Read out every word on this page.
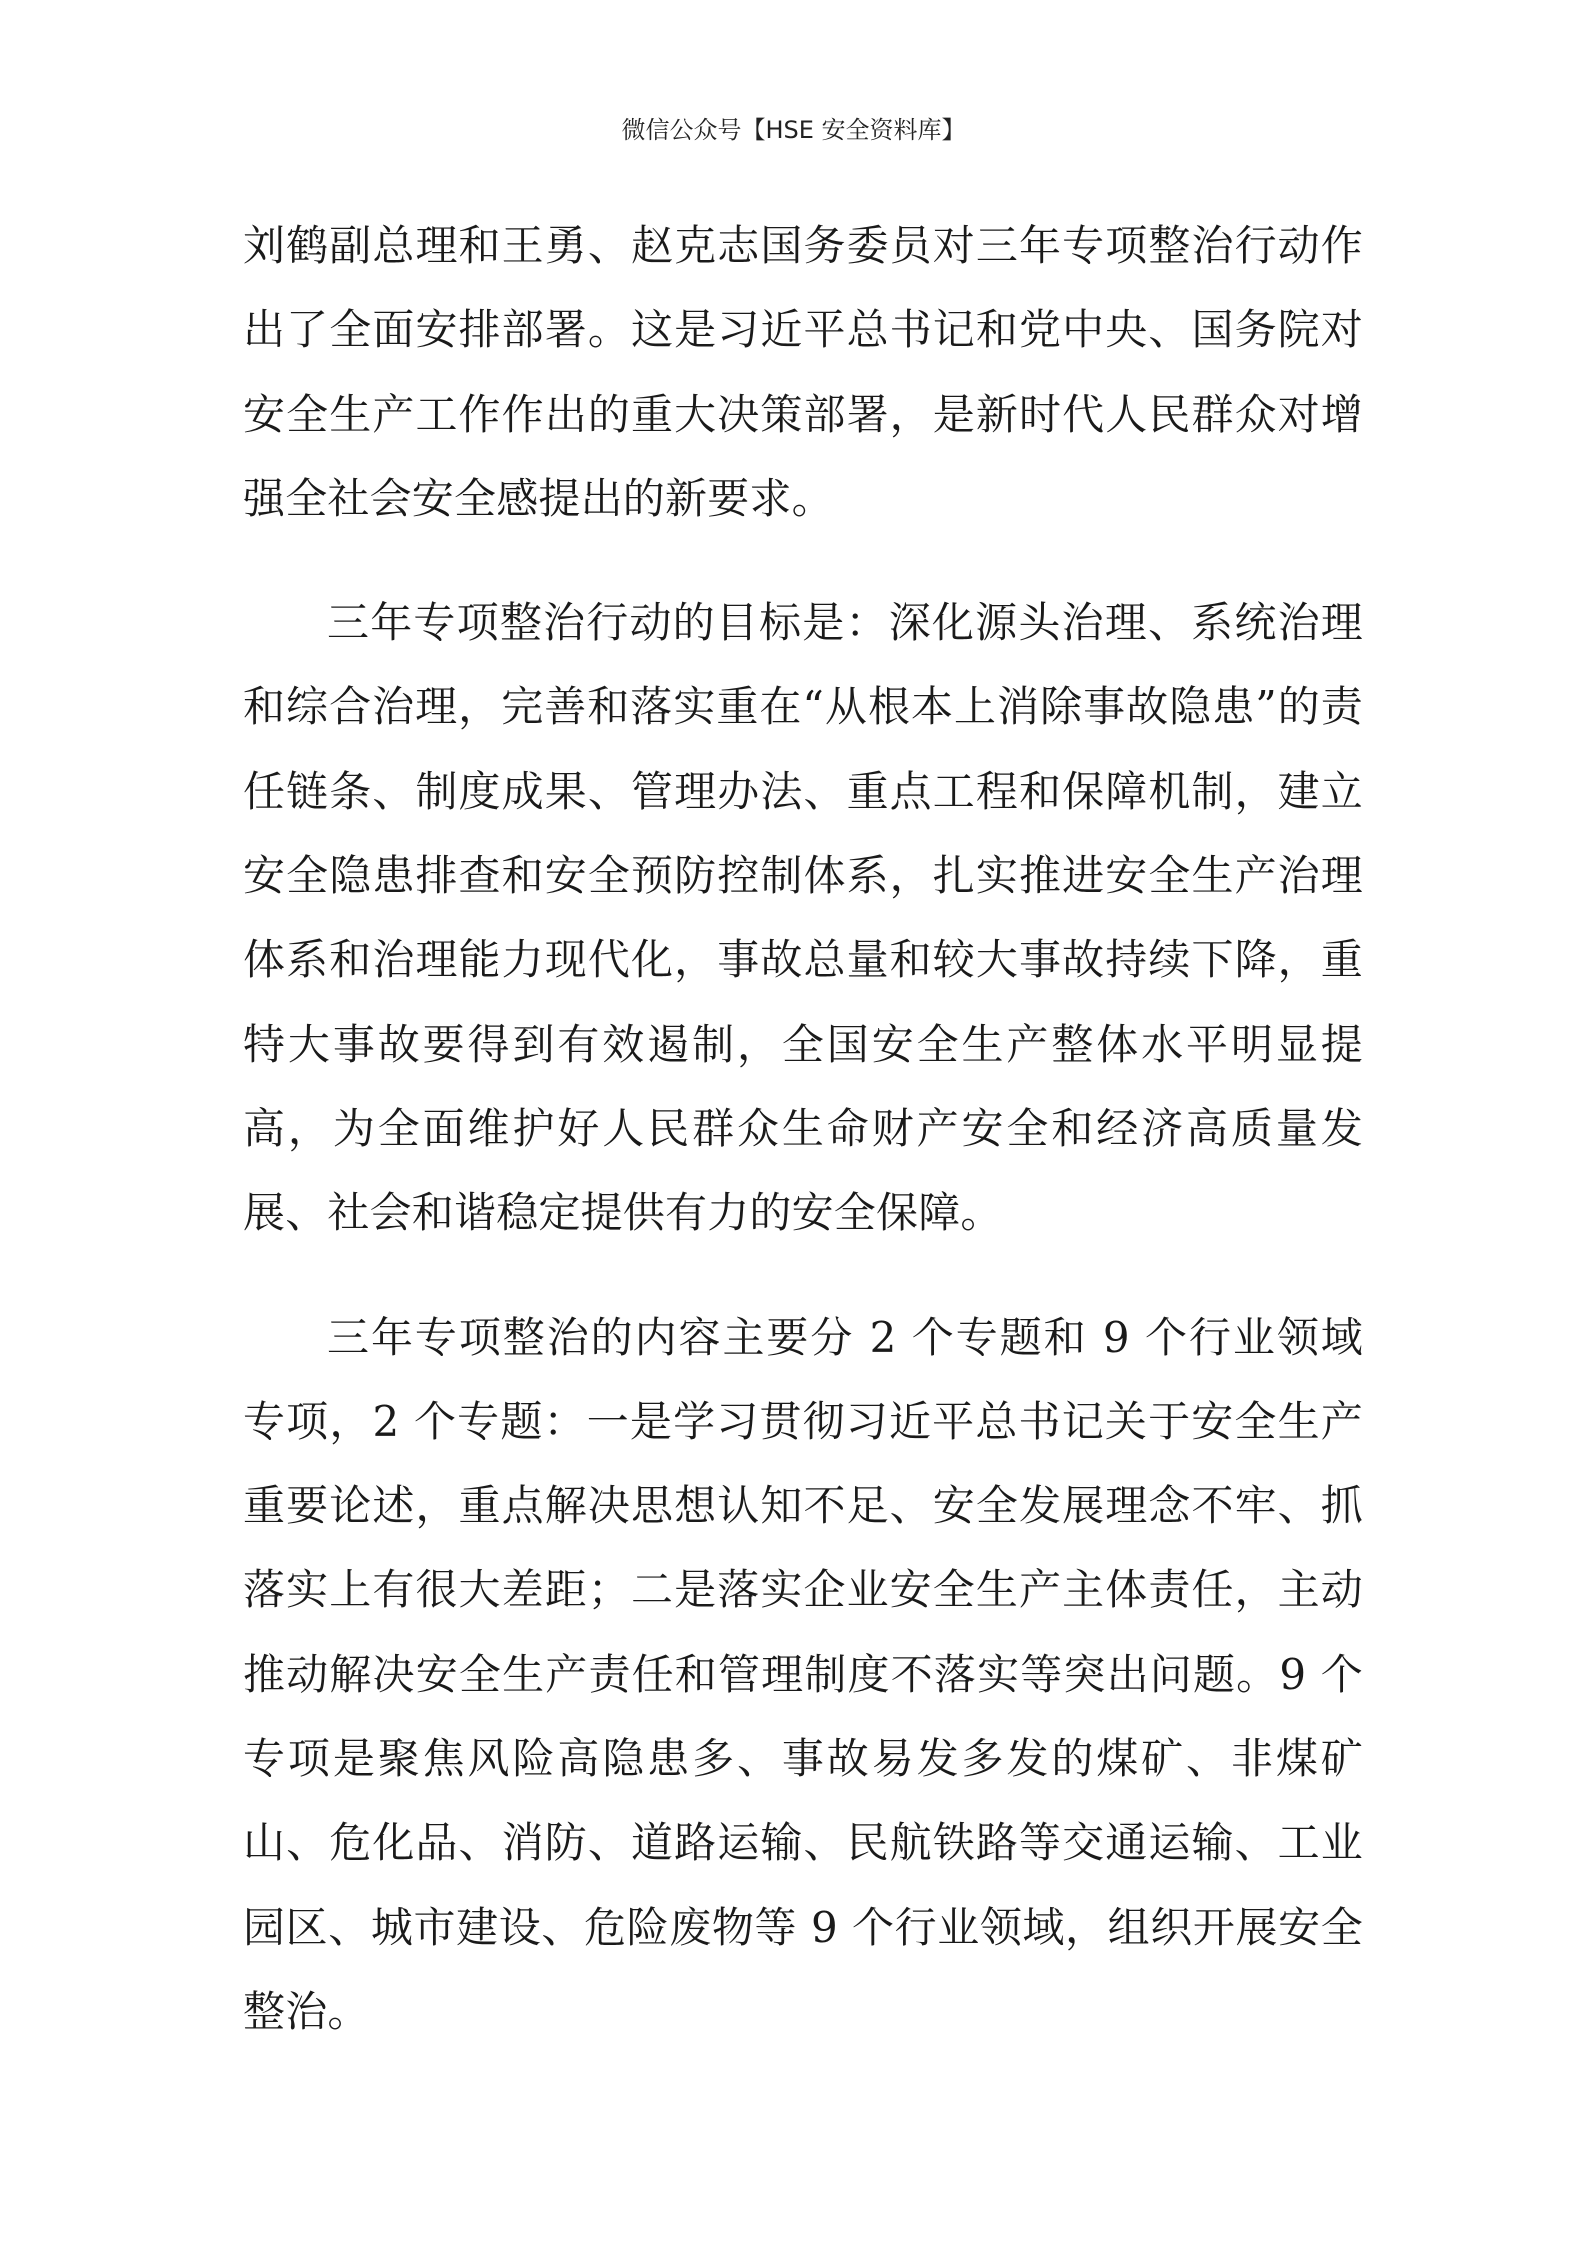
微信公众号【HSE 安全资料库】

刘鹤副总理和王勇、赵克志国务委员对三年专项整治行动作出了全面安排部署。这是习近平总书记和党中央、国务院对安全生产工作作出的重大决策部署，是新时代人民群众对增强全社会安全感提出的新要求。

三年专项整治行动的目标是：深化源头治理、系统治理和综合治理，完善和落实重在“从根本上消除事故隐患”的责任链条、制度成果、管理办法、重点工程和保障机制，建立安全隐患排查和安全预防控制体系，扎实推进安全生产治理体系和治理能力现代化，事故总量和较大事故持续下降，重特大事故要得到有效遏制，全国安全生产整体水平明显提高，为全面维护好人民群众生命财产安全和经济高质量发展、社会和谐稳定提供有力的安全保障。

三年专项整治的内容主要分 2 个专题和 9 个行业领域专项，2 个专题：一是学习贯彻习近平总书记关于安全生产重要论述，重点解决思想认知不足、安全发展理念不牢、抓落实上有很大差距；二是落实企业安全生产主体责任，主动推动解决安全生产责任和管理制度不落实等突出问题。9 个专项是聚焦风险高隐患多、事故易发多发的煤矿、非煤矿山、危化品、消防、道路运输、民航铁路等交通运输、工业园区、城市建设、危险废物等 9 个行业领域，组织开展安全整治。
